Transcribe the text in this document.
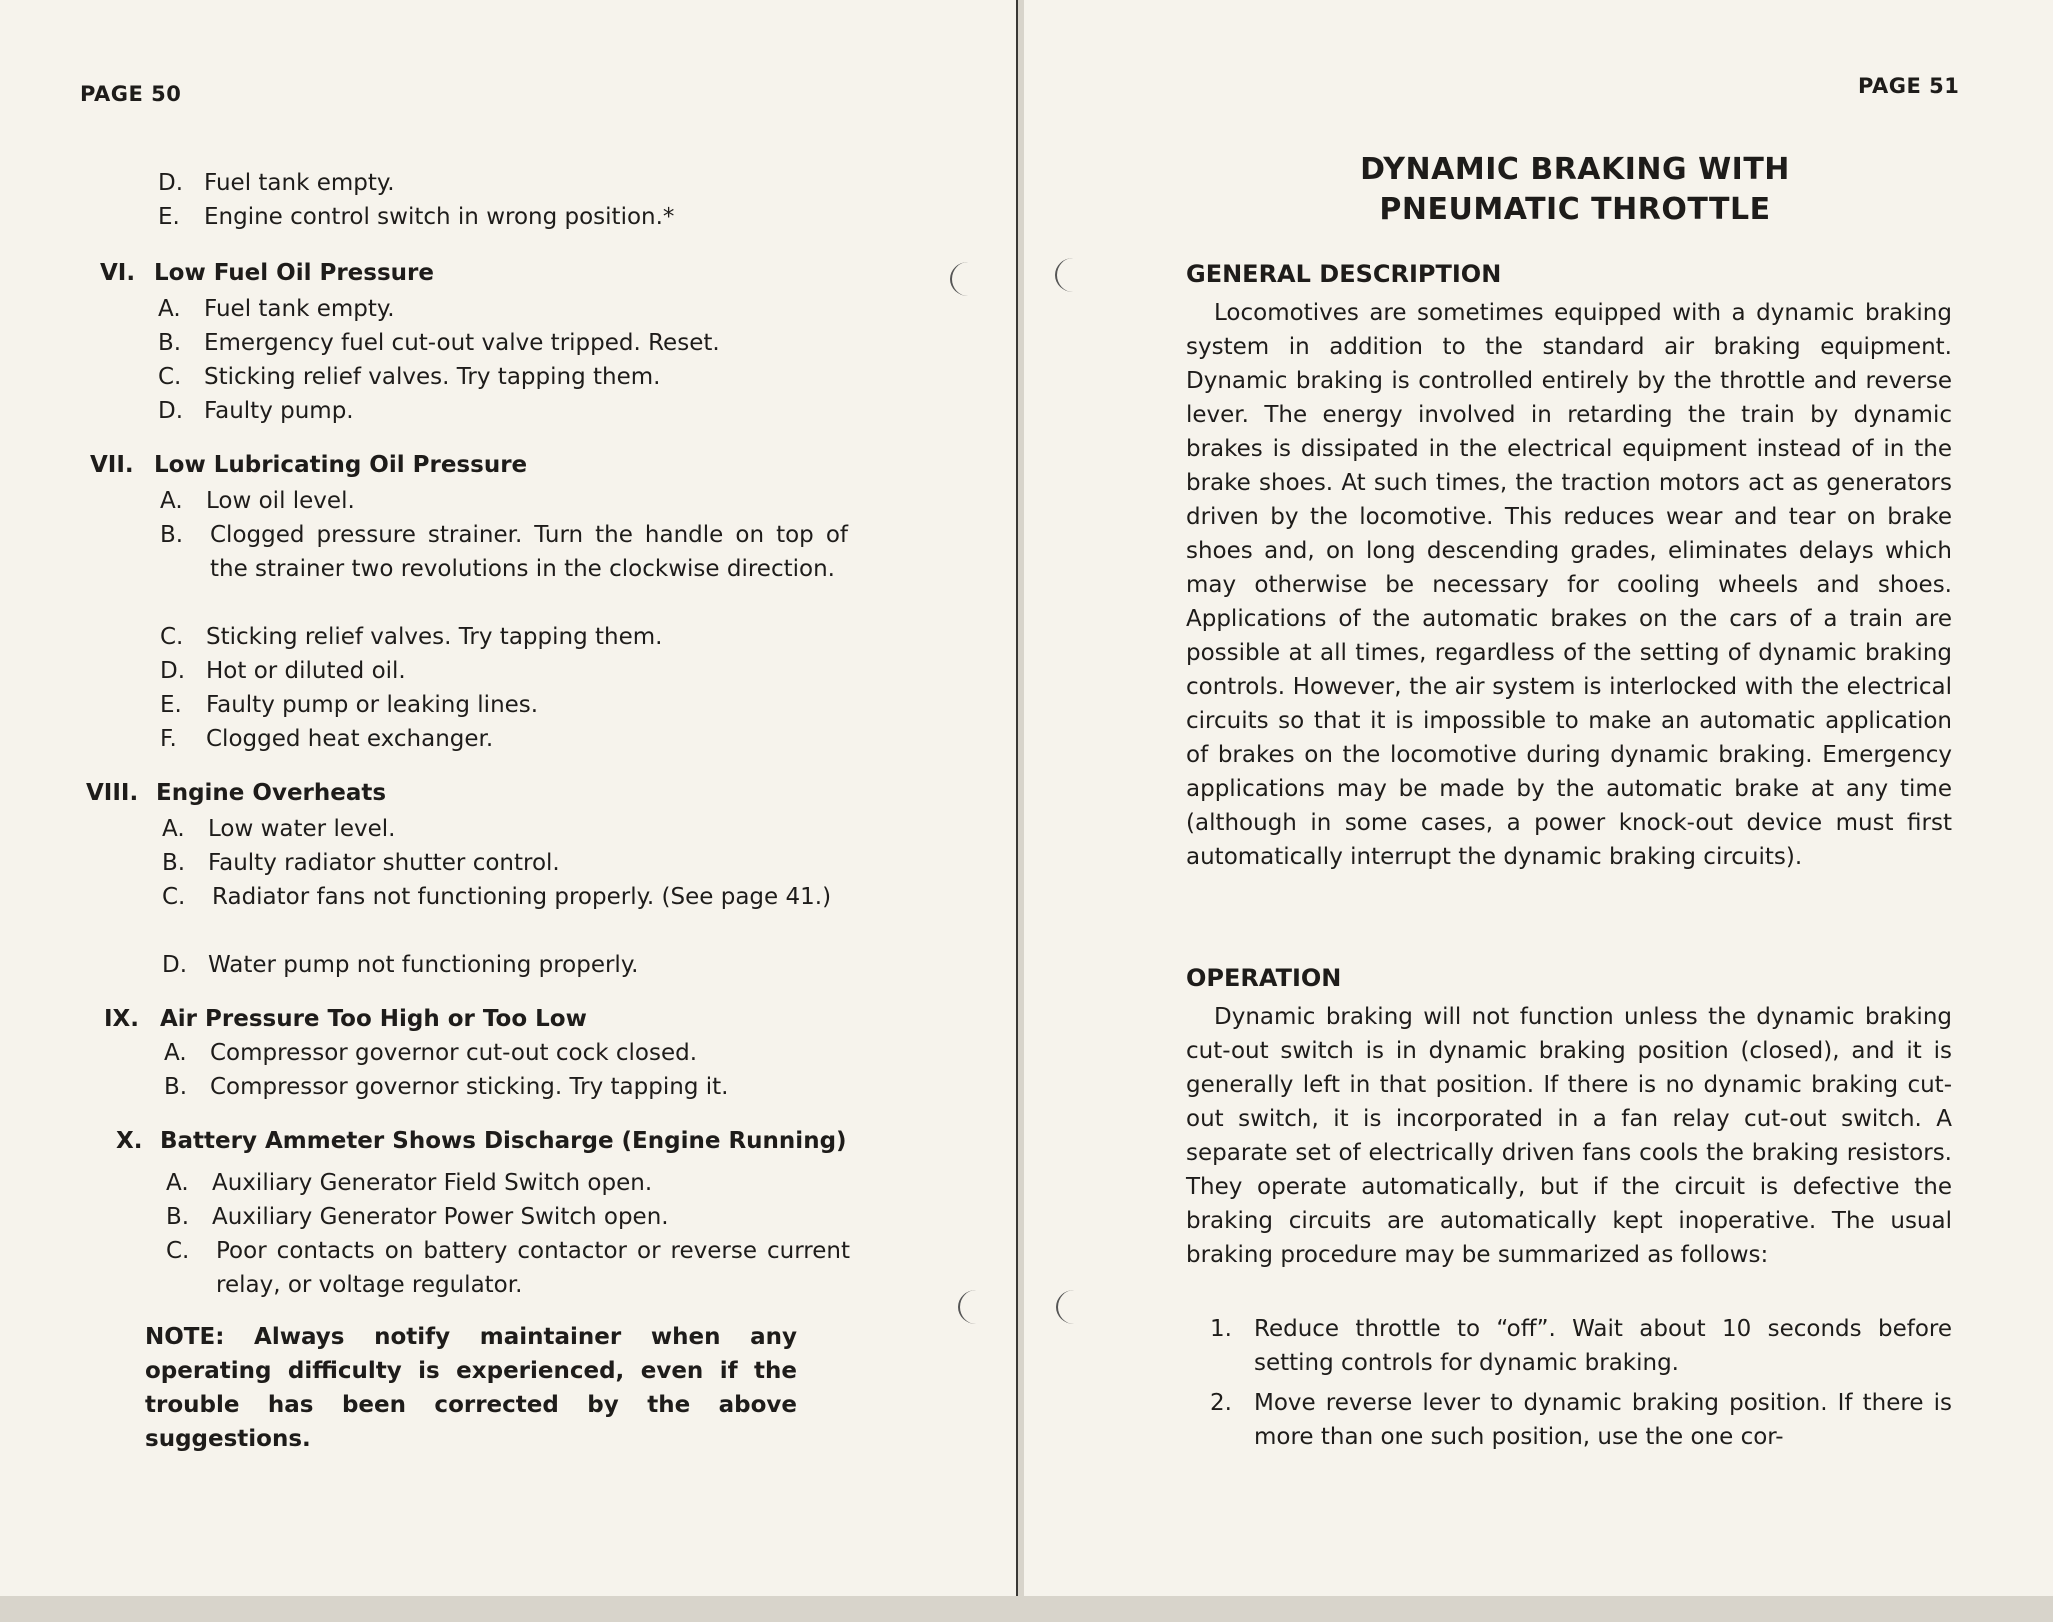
PAGE 50
D. Fuel tank empty.
E. Engine control switch in wrong position.*
VI. Low Fuel Oil Pressure
A. Fuel tank empty.
B. Emergency fuel cut-out valve tripped. Reset.
C. Sticking relief valves. Try tapping them.
D. Faulty pump.
VII. Low Lubricating Oil Pressure
A. Low oil level.
B. Clogged pressure strainer. Turn the handle on top of the strainer two revolutions in the clockwise direction.
C. Sticking relief valves. Try tapping them.
D. Hot or diluted oil.
E. Faulty pump or leaking lines.
F. Clogged heat exchanger.
VIII. Engine Overheats
A. Low water level.
B. Faulty radiator shutter control.
C. Radiator fans not functioning properly. (See page 41.)
D. Water pump not functioning properly.
IX. Air Pressure Too High or Too Low
A. Compressor governor cut-out cock closed.
B. Compressor governor sticking. Try tapping it.
X. Battery Ammeter Shows Discharge (Engine Running)
A. Auxiliary Generator Field Switch open.
B. Auxiliary Generator Power Switch open.
C. Poor contacts on battery contactor or reverse current relay, or voltage regulator.
NOTE: Always notify maintainer when any operating difficulty is experienced, even if the trouble has been corrected by the above suggestions.
PAGE 51
DYNAMIC BRAKING WITH
PNEUMATIC THROTTLE
GENERAL DESCRIPTION
Locomotives are sometimes equipped with a dynamic braking system in addition to the standard air braking equipment. Dynamic braking is controlled entirely by the throttle and reverse lever. The energy involved in retarding the train by dynamic brakes is dissipated in the electrical equipment instead of in the brake shoes. At such times, the traction motors act as generators driven by the locomotive. This reduces wear and tear on brake shoes and, on long descending grades, eliminates delays which may otherwise be necessary for cooling wheels and shoes. Applications of the automatic brakes on the cars of a train are possible at all times, regardless of the setting of dynamic braking controls. However, the air system is interlocked with the electrical circuits so that it is impossible to make an automatic application of brakes on the locomotive during dynamic braking. Emergency applications may be made by the automatic brake at any time (although in some cases, a power knock-out device must first automatically interrupt the dynamic braking circuits).
OPERATION
Dynamic braking will not function unless the dynamic braking cut-out switch is in dynamic braking position (closed), and it is generally left in that position. If there is no dynamic braking cut-out switch, it is incorporated in a fan relay cut-out switch. A separate set of electrically driven fans cools the braking resistors. They operate automatically, but if the circuit is defective the braking circuits are automatically kept inoperative. The usual braking procedure may be summarized as follows:
1. Reduce throttle to “off”. Wait about 10 seconds before setting controls for dynamic braking.
2. Move reverse lever to dynamic braking position. If there is more than one such position, use the one cor-
